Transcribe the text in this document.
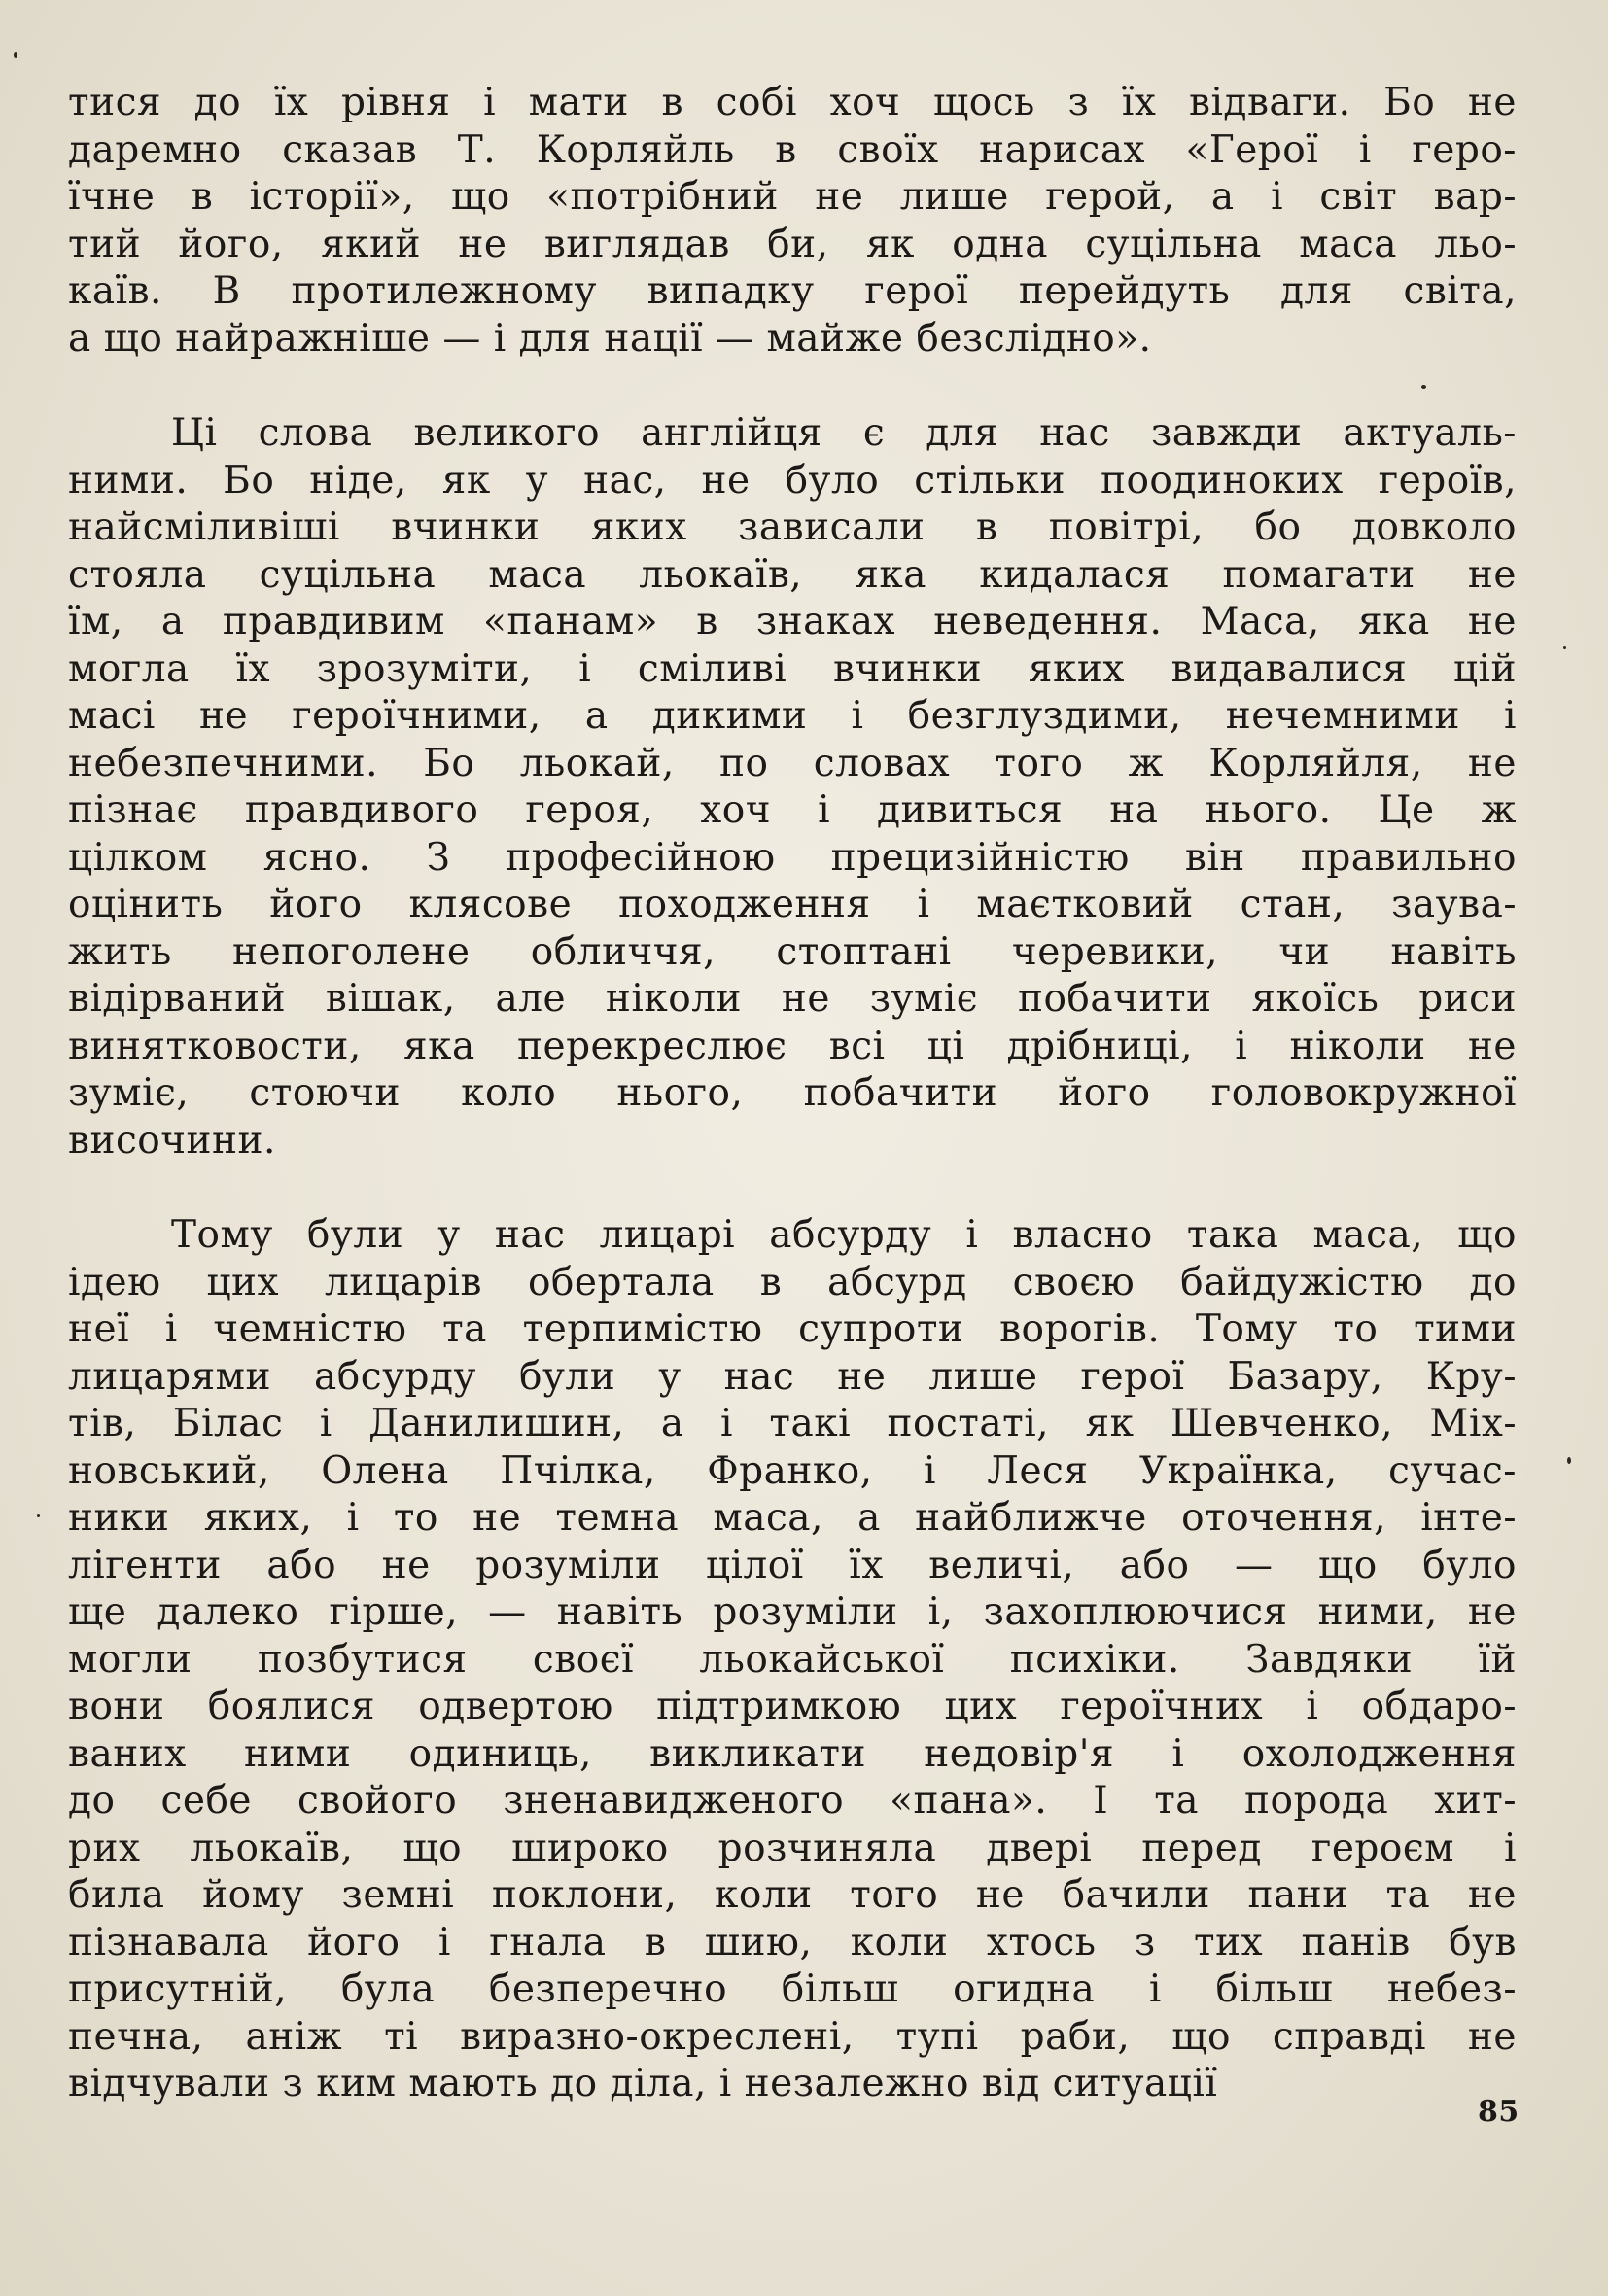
тися до їх рівня і мати в собі хоч щось з їх відваги. Бо не
даремно сказав Т. Корляйль в своїх нарисах «Герої і геро-
їчне в історії», що «потрібний не лише герой, а і світ вар-
тий його, який не виглядав би, як одна суцільна маса льо-
каїв. В протилежному випадку герої перейдуть для світа,
а що найражніше — і для нації — майже безслідно».
Ці слова великого англійця є для нас завжди актуаль-
ними. Бо ніде, як у нас, не було стільки поодиноких героїв,
найсміливіші вчинки яких зависали в повітрі, бо довколо
стояла суцільна маса льокаїв, яка кидалася помагати не
їм, а правдивим «панам» в знаках неведення. Маса, яка не
могла їх зрозуміти, і сміливі вчинки яких видавалися цій
масі не героїчними, а дикими і безглуздими, нечемними і
небезпечними. Бо льокай, по словах того ж Корляйля, не
пізнає правдивого героя, хоч і дивиться на нього. Це ж
цілком ясно. З професійною прецизійністю він правильно
оцінить його клясове походження і маєтковий стан, заува-
жить непоголене обличчя, стоптані черевики, чи навіть
відірваний вішак, але ніколи не зуміє побачити якоїсь риси
винятковости, яка перекреслює всі ці дрібниці, і ніколи не
зуміє, стоючи коло нього, побачити його головокружної
височини.
Тому були у нас лицарі абсурду і власно така маса, що
ідею цих лицарів обертала в абсурд своєю байдужістю до
неї і чемністю та терпимістю супроти ворогів. Тому то тими
лицарями абсурду були у нас не лише герої Базару, Кру-
тів, Білас і Данилишин, а і такі постаті, як Шевченко, Міх-
новський, Олена Пчілка, Франко, і Леся Українка, сучас-
ники яких, і то не темна маса, а найближче оточення, інте-
лігенти або не розуміли цілої їх величі, або — що було
ще далеко гірше, — навіть розуміли і, захоплюючися ними, не
могли позбутися своєї льокайської психіки. Завдяки їй
вони боялися одвертою підтримкою цих героїчних і обдаро-
ваних ними одиниць, викликати недовір'я і охолодження
до себе свойого зненавидженого «пана». І та порода хит-
рих льокаїв, що широко розчиняла двері перед героєм і
била йому земні поклони, коли того не бачили пани та не
пізнавала його і гнала в шию, коли хтось з тих панів був
присутній, була безперечно більш огидна і більш небез-
печна, аніж ті виразно-окреслені, тупі раби, що справді не
відчували з ким мають до діла, і незалежно від ситуації
85
